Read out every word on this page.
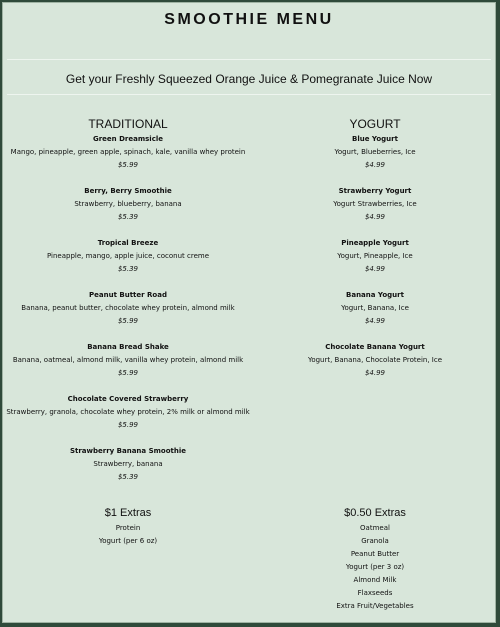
SMOOTHIE MENU
Get your Freshly Squeezed Orange Juice & Pomegranate Juice Now
TRADITIONAL
Green Dreamsicle
Mango, pineapple, green apple, spinach, kale, vanilla whey protein
$5.99
Berry, Berry Smoothie
Strawberry, blueberry, banana
$5.39
Tropical Breeze
Pineapple, mango, apple juice, coconut creme
$5.39
Peanut Butter Road
Banana, peanut butter, chocolate whey protein, almond milk
$5.99
Banana Bread Shake
Banana, oatmeal, almond milk, vanilla whey protein, almond milk
$5.99
Chocolate Covered Strawberry
Strawberry, granola, chocolate whey protein, 2% milk or almond milk
$5.99
Strawberry Banana Smoothie
Strawberry, banana
$5.39
YOGURT
Blue Yogurt
Yogurt, Blueberries, Ice
$4.99
Strawberry Yogurt
Yogurt Strawberries, Ice
$4.99
Pineapple Yogurt
Yogurt, Pineapple, Ice
$4.99
Banana Yogurt
Yogurt, Banana, Ice
$4.99
Chocolate Banana Yogurt
Yogurt, Banana, Chocolate Protein, Ice
$4.99
$1 Extras
Protein
Yogurt (per 6 oz)
$0.50 Extras
Oatmeal
Granola
Peanut Butter
Yogurt (per 3 oz)
Almond Milk
Flaxseeds
Extra Fruit/Vegetables
